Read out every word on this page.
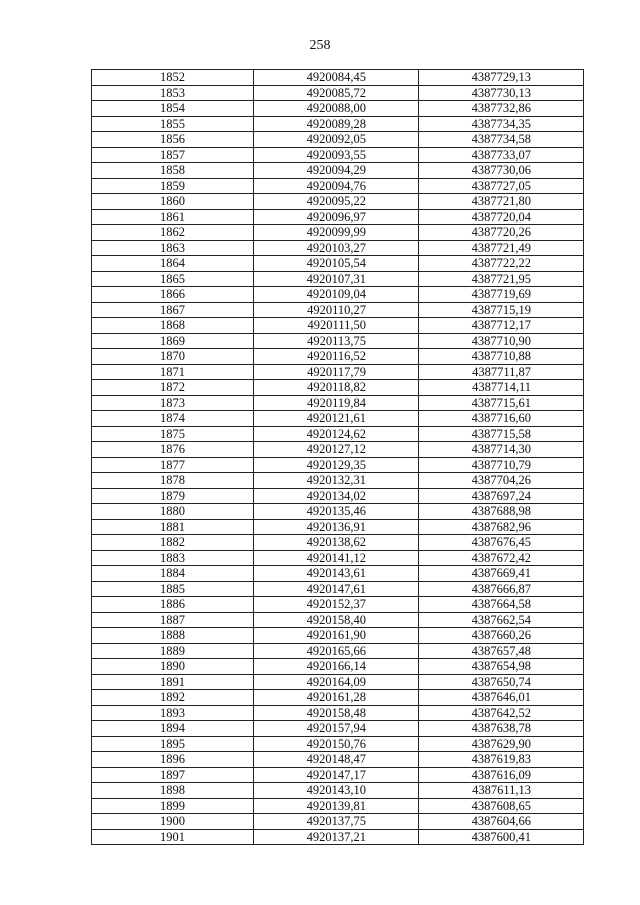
258
1852	4920084,45	4387729,13
1853	4920085,72	4387730,13
1854	4920088,00	4387732,86
1855	4920089,28	4387734,35
1856	4920092,05	4387734,58
1857	4920093,55	4387733,07
1858	4920094,29	4387730,06
1859	4920094,76	4387727,05
1860	4920095,22	4387721,80
1861	4920096,97	4387720,04
1862	4920099,99	4387720,26
1863	4920103,27	4387721,49
1864	4920105,54	4387722,22
1865	4920107,31	4387721,95
1866	4920109,04	4387719,69
1867	4920110,27	4387715,19
1868	4920111,50	4387712,17
1869	4920113,75	4387710,90
1870	4920116,52	4387710,88
1871	4920117,79	4387711,87
1872	4920118,82	4387714,11
1873	4920119,84	4387715,61
1874	4920121,61	4387716,60
1875	4920124,62	4387715,58
1876	4920127,12	4387714,30
1877	4920129,35	4387710,79
1878	4920132,31	4387704,26
1879	4920134,02	4387697,24
1880	4920135,46	4387688,98
1881	4920136,91	4387682,96
1882	4920138,62	4387676,45
1883	4920141,12	4387672,42
1884	4920143,61	4387669,41
1885	4920147,61	4387666,87
1886	4920152,37	4387664,58
1887	4920158,40	4387662,54
1888	4920161,90	4387660,26
1889	4920165,66	4387657,48
1890	4920166,14	4387654,98
1891	4920164,09	4387650,74
1892	4920161,28	4387646,01
1893	4920158,48	4387642,52
1894	4920157,94	4387638,78
1895	4920150,76	4387629,90
1896	4920148,47	4387619,83
1897	4920147,17	4387616,09
1898	4920143,10	4387611,13
1899	4920139,81	4387608,65
1900	4920137,75	4387604,66
1901	4920137,21	4387600,41
